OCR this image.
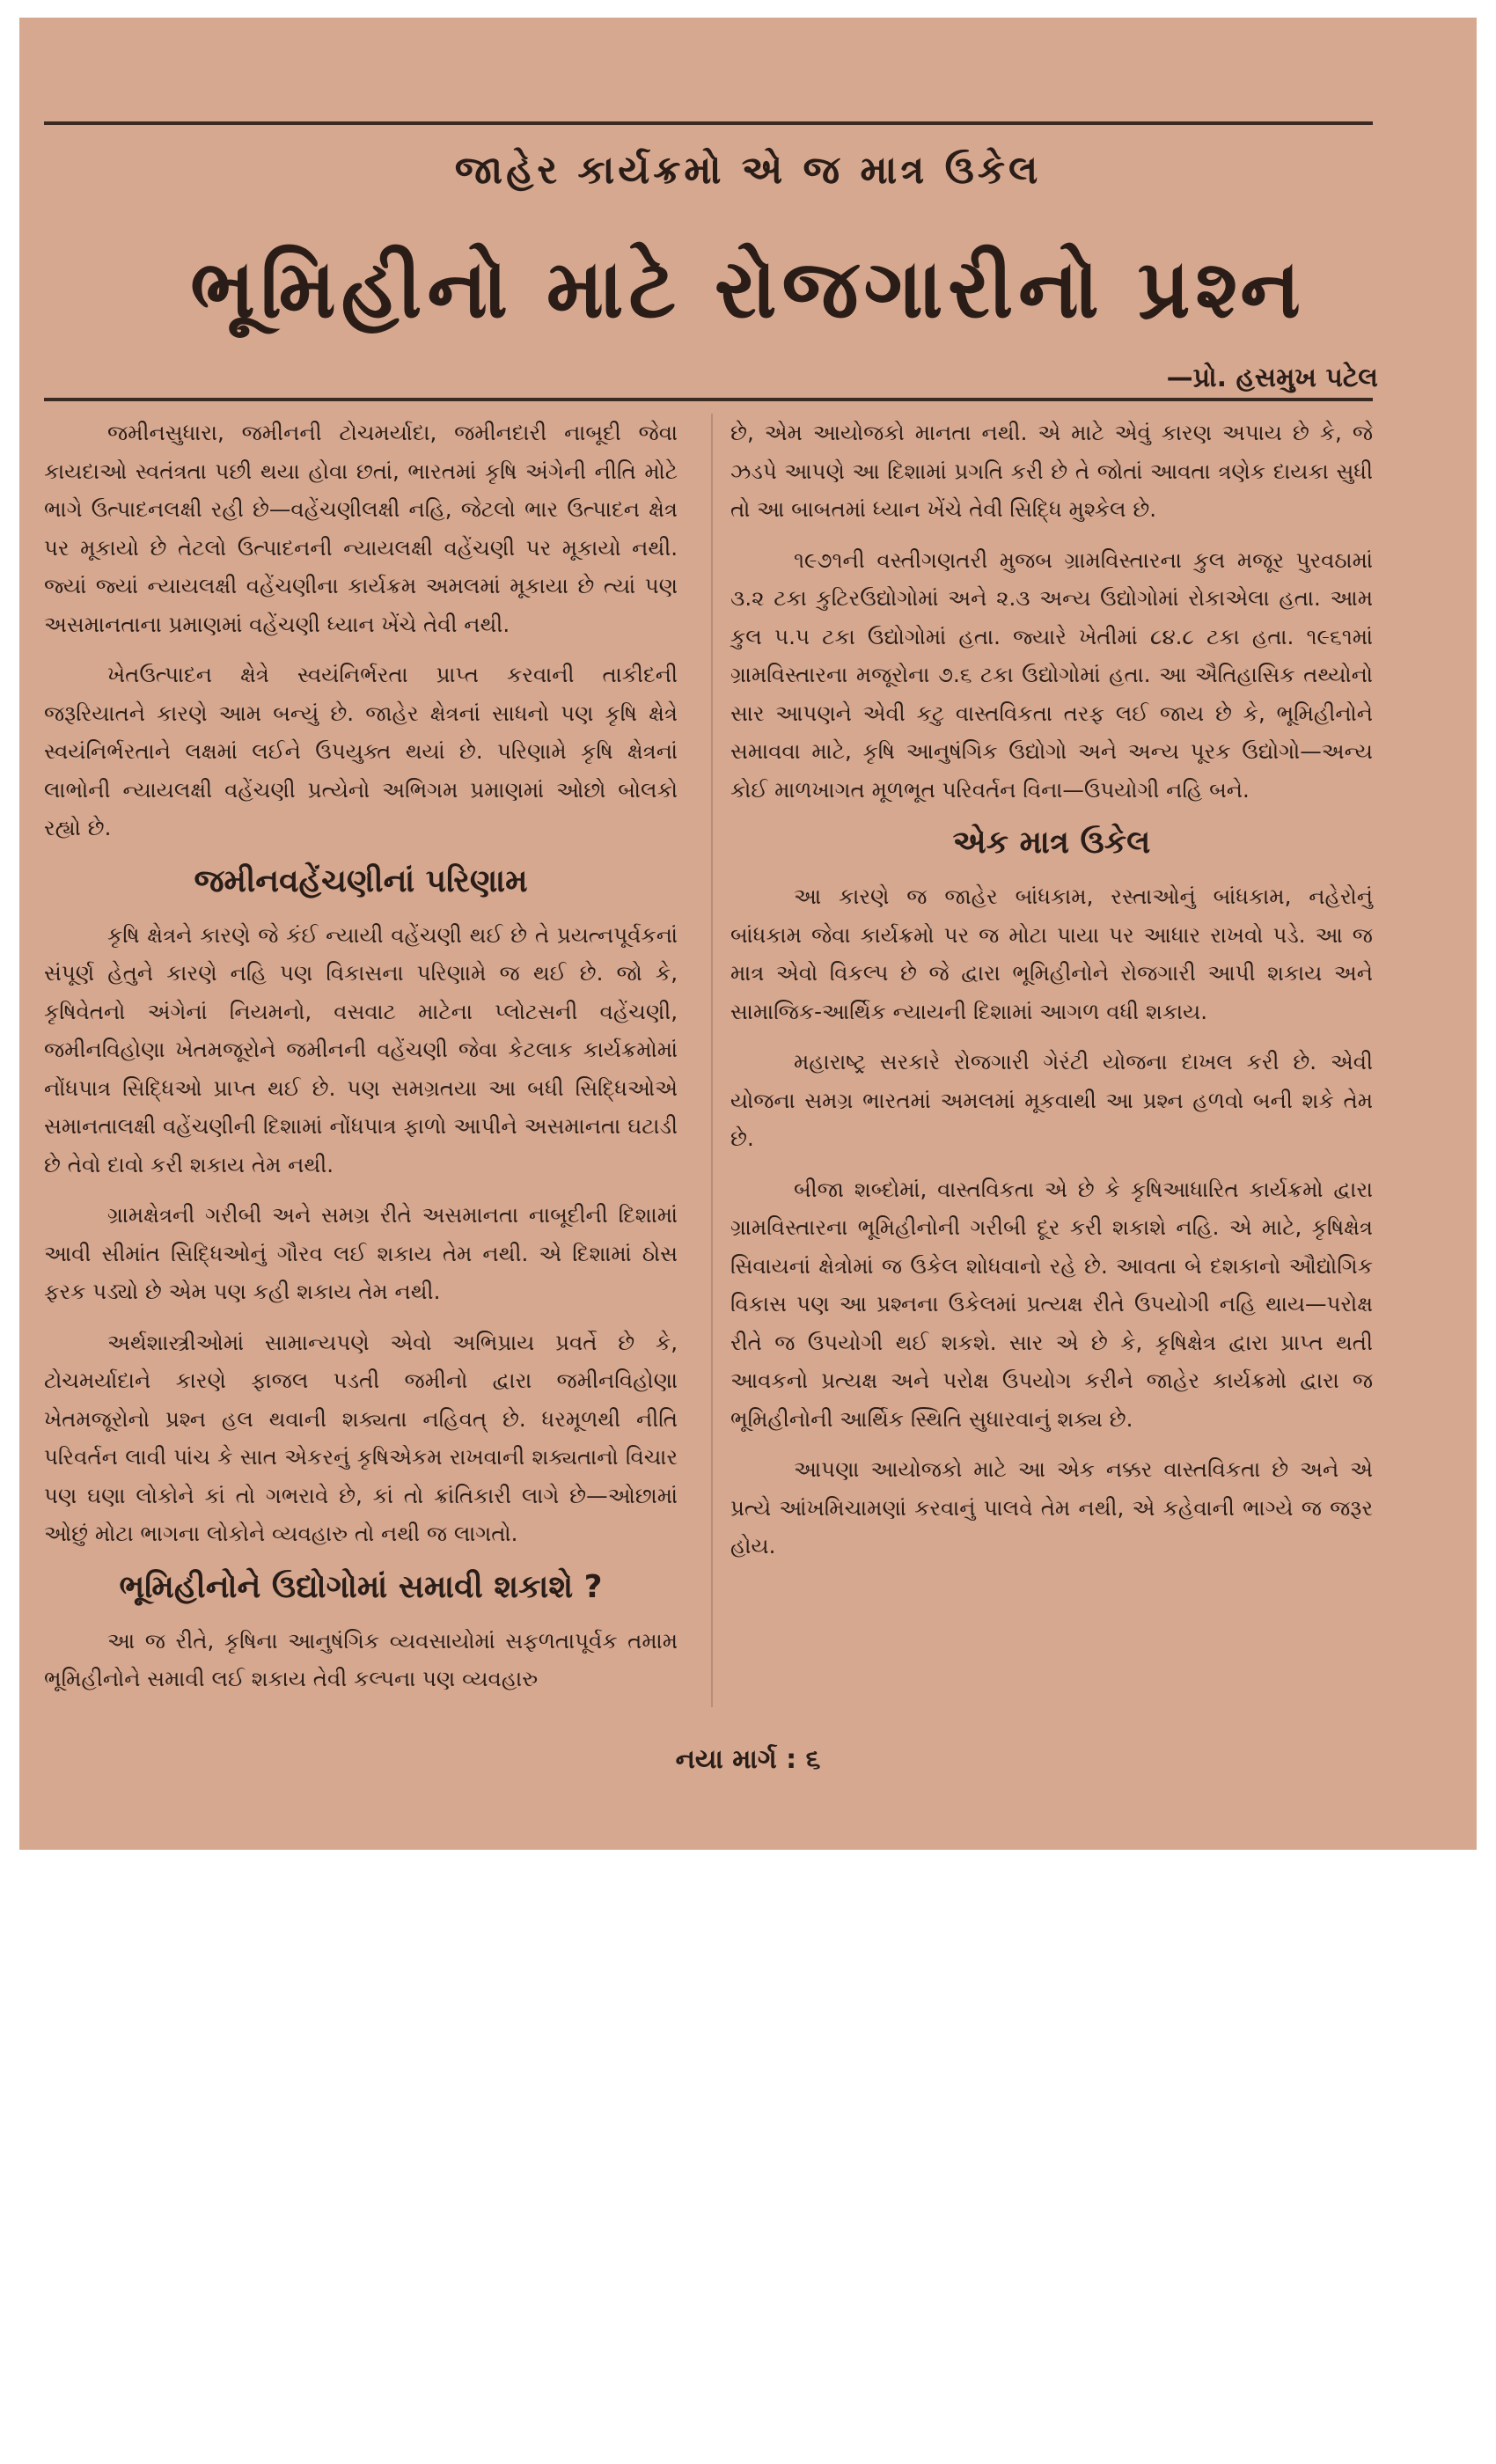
જાહેર કાર્યક્રમો એ જ માત્ર ઉકેલ
ભૂમિહીનો માટે રોજગારીનો પ્રશ્ન
—પ્રો. હસમુખ પટેલ

જમીનસુધારા, જમીનની ટોચમર્યાદા, જમીનદારી નાબૂદી જેવા કાયદાઓ સ્વતંત્રતા પછી થયા હોવા છતાં, ભારતમાં કૃષિ અંગેની નીતિ મોટે ભાગે ઉત્પાદનલક્ષી રહી છે—વહેંચણીલક્ષી નહિ, જેટલો ભાર ઉત્પાદન ક્ષેત્ર પર મૂકાયો છે તેટલો ઉત્પાદનની ન્યાયલક્ષી વહેંચણી પર મૂકાયો નથી. જ્યાં જ્યાં ન્યાયલક્ષી વહેંચણીના કાર્યક્રમ અમલમાં મૂકાયા છે ત્યાં પણ અસમાનતાના પ્રમાણમાં વહેંચણી ધ્યાન ખેંચે તેવી નથી.

ખેતઉત્પાદન ક્ષેત્રે સ્વયંનિર્ભરતા પ્રાપ્ત કરવાની તાકીદની જરૂરિયાતને કારણે આમ બન્યું છે. જાહેર ક્ષેત્રનાં સાધનો પણ કૃષિ ક્ષેત્રે સ્વયંનિર્ભરતાને લક્ષમાં લઈને ઉપયુક્ત થયાં છે. પરિણામે કૃષિ ક્ષેત્રનાં લાભોની ન્યાયલક્ષી વહેંચણી પ્રત્યેનો અભિગમ પ્રમાણમાં ઓછો બોલકો રહ્યો છે.

જમીનવહેંચણીનાં પરિણામ

કૃષિ ક્ષેત્રને કારણે જે કંઈ ન્યાયી વહેંચણી થઈ છે તે પ્રયત્નપૂર્વકનાં સંપૂર્ણ હેતુને કારણે નહિ પણ વિકાસના પરિણામે જ થઈ છે. જો કે, કૃષિવેતનો અંગેનાં નિયમનો, વસવાટ માટેના પ્લોટસની વહેંચણી, જમીનવિહોણા ખેતમજૂરોને જમીનની વહેંચણી જેવા કેટલાક કાર્યક્રમોમાં નોંધપાત્ર સિદ્ધિઓ પ્રાપ્ત થઈ છે. પણ સમગ્રતયા આ બધી સિદ્ધિઓએ સમાનતાલક્ષી વહેંચણીની દિશામાં નોંધપાત્ર ફાળો આપીને અસમાનતા ઘટાડી છે તેવો દાવો કરી શકાય તેમ નથી.

ગ્રામક્ષેત્રની ગરીબી અને સમગ્ર રીતે અસમાનતા નાબૂદીની દિશામાં આવી સીમાંત સિદ્ધિઓનું ગૌરવ લઈ શકાય તેમ નથી. એ દિશામાં ઠોસ ફરક પડ્યો છે એમ પણ કહી શકાય તેમ નથી.

અર્થશાસ્ત્રીઓમાં સામાન્યપણે એવો અભિપ્રાય પ્રવર્તે છે કે, ટોચમર્યાદાને કારણે ફાજલ પડતી જમીનો દ્વારા જમીનવિહોણા ખેતમજૂરોનો પ્રશ્ન હલ થવાની શક્યતા નહિવત્ છે. ધરમૂળથી નીતિ પરિવર્તન લાવી પાંચ કે સાત એકરનું કૃષિએકમ રાખવાની શક્યતાનો વિચાર પણ ઘણા લોકોને કાં તો ગભરાવે છે, કાં તો ક્રાંતિકારી લાગે છે—ઓછામાં ઓછું મોટા ભાગના લોકોને વ્યવહારુ તો નથી જ લાગતો.

ભૂમિહીનોને ઉદ્યોગોમાં સમાવી શકાશે ?

આ જ રીતે, કૃષિના આનુષંગિક વ્યવસાયોમાં સફળતાપૂર્વક તમામ ભૂમિહીનોને સમાવી લઈ શકાય તેવી કલ્પના પણ વ્યવહારુ

છે, એમ આયોજકો માનતા નથી. એ માટે એવું કારણ અપાય છે કે, જે ઝડપે આપણે આ દિશામાં પ્રગતિ કરી છે તે જોતાં આવતા ત્રણેક દાયકા સુધી તો આ બાબતમાં ધ્યાન ખેંચે તેવી સિદ્ધિ મુશ્કેલ છે.

૧૯૭૧ની વસ્તીગણતરી મુજબ ગ્રામવિસ્તારના કુલ મજૂર પુરવઠામાં ૩.૨ ટકા કુટિરઉદ્યોગોમાં અને ૨.૩ અન્ય ઉદ્યોગોમાં રોકાએલા હતા. આમ કુલ ૫.૫ ટકા ઉદ્યોગોમાં હતા. જ્યારે ખેતીમાં ૮૪.૮ ટકા હતા. ૧૯૬૧માં ગ્રામવિસ્તારના મજૂરોના ૭.૬ ટકા ઉદ્યોગોમાં હતા. આ ઐતિહાસિક તથ્યોનો સાર આપણને એવી કટુ વાસ્તવિકતા તરફ લઈ જાય છે કે, ભૂમિહીનોને સમાવવા માટે, કૃષિ આનુષંગિક ઉદ્યોગો અને અન્ય પૂરક ઉદ્યોગો—અન્ય કોઈ માળખાગત મૂળભૂત પરિવર્તન વિના—ઉપયોગી નહિ બને.

એક માત્ર ઉકેલ

આ કારણે જ જાહેર બાંધકામ, રસ્તાઓનું બાંધકામ, નહેરોનું બાંધકામ જેવા કાર્યક્રમો પર જ મોટા પાયા પર આધાર રાખવો પડે. આ જ માત્ર એવો વિકલ્પ છે જે દ્વારા ભૂમિહીનોને રોજગારી આપી શકાય અને સામાજિક-આર્થિક ન્યાયની દિશામાં આગળ વધી શકાય.

મહારાષ્ટ્ર સરકારે રોજગારી ગેરંટી યોજના દાખલ કરી છે. એવી યોજના સમગ્ર ભારતમાં અમલમાં મૂકવાથી આ પ્રશ્ન હળવો બની શકે તેમ છે.

બીજા શબ્દોમાં, વાસ્તવિકતા એ છે કે કૃષિઆધારિત કાર્યક્રમો દ્વારા ગ્રામવિસ્તારના ભૂમિહીનોની ગરીબી દૂર કરી શકાશે નહિ. એ માટે, કૃષિક્ષેત્ર સિવાયનાં ક્ષેત્રોમાં જ ઉકેલ શોધવાનો રહે છે. આવતા બે દશકાનો ઔદ્યોગિક વિકાસ પણ આ પ્રશ્નના ઉકેલમાં પ્રત્યક્ષ રીતે ઉપયોગી નહિ થાય—પરોક્ષ રીતે જ ઉપયોગી થઈ શકશે. સાર એ છે કે, કૃષિક્ષેત્ર દ્વારા પ્રાપ્ત થતી આવકનો પ્રત્યક્ષ અને પરોક્ષ ઉપયોગ કરીને જાહેર કાર્યક્રમો દ્વારા જ ભૂમિહીનોની આર્થિક સ્થિતિ સુધારવાનું શક્ય છે.

આપણા આયોજકો માટે આ એક નક્કર વાસ્તવિકતા છે અને એ પ્રત્યે આંખમિચામણાં કરવાનું પાલવે તેમ નથી, એ કહેવાની ભાગ્યે જ જરૂર હોય.

નયા માર્ગ : ૬
